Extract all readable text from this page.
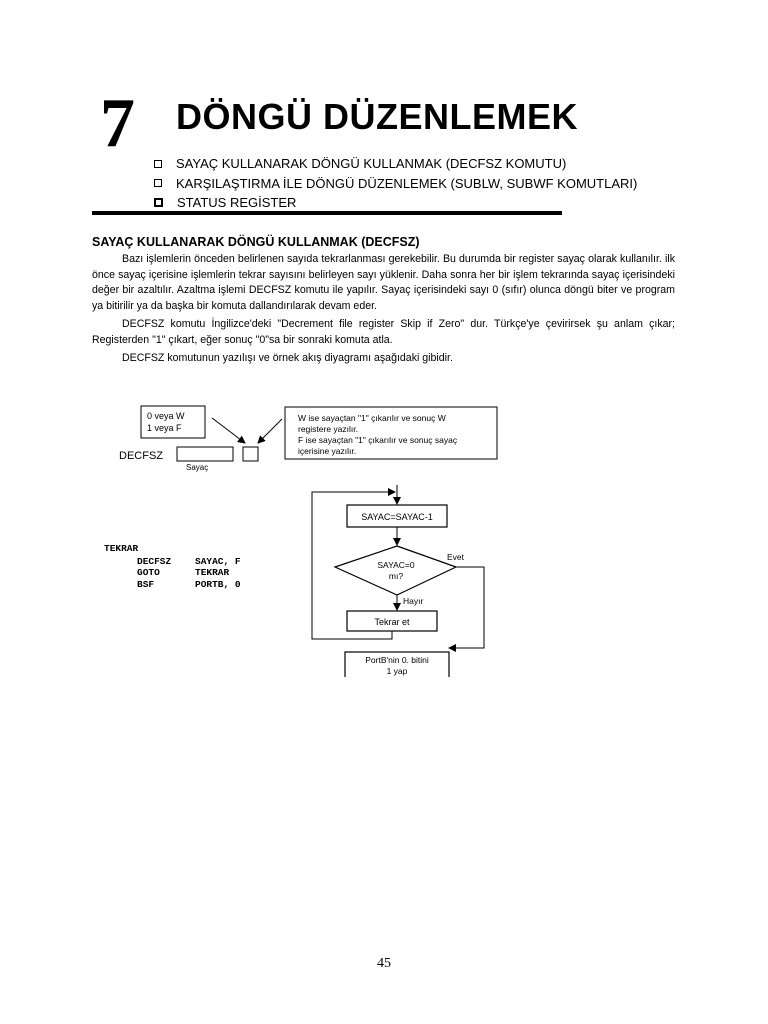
7 DÖNGÜ DÜZENLEMEK
SAYAÇ KULLANARAK DÖNGÜ KULLANMAK (DECFSZ KOMUTU)
KARŞILAŞTIRMA İLE DÖNGÜ DÜZENLEMEK (SUBLW, SUBWF KOMUTLARI)
STATUS REGİSTER
SAYAÇ KULLANARAK DÖNGÜ KULLANMAK (DECFSZ)

Bazı işlemlerin önceden belirlenen sayıda tekrarlanması gerekebilir. Bu durumda bir register sayaç olarak kullanılır. ilk önce sayaç içerisine işlemlerin tekrar sayısını belirleyen sayı yüklenir. Daha sonra her bir işlem tekrarında sayaç içerisindeki değer bir azaltılır. Azaltma işlemi DECFSZ komutu ile yapılır. Sayaç içerisindeki sayı 0 (sıfır) olunca döngü biter ve program ya bitirilir ya da başka bir komuta dallandırılarak devam eder.

DECFSZ komutu İngilizce'deki "Decrement file register Skip if Zero" dur. Türkçe'ye çevirirsek şu anlam çıkar; Registerden "1" çıkart, eğer sonuç "0"sa bir sonraki komuta atla.

DECFSZ komutunun yazılışı ve örnek akış diyagramı aşağıdaki gibidir.

0 veya W
1 veya F
W ise sayaçtan "1" çıkarılır ve sonuç W
registere yazılır.
F ise sayaçtan "1" çıkarılır ve sonuç sayaç
içerisine yazılır.
DECFSZ
Sayaç
TEKRAR
DECFSZ	SAYAC, F
GOTO	TEKRAR
BSF	PORTB, 0
SAYAC=SAYAC-1
SAYAC=0
mı?
Evet
Hayır
Tekrar et
PortB'nin 0. bitini
1 yap
45
